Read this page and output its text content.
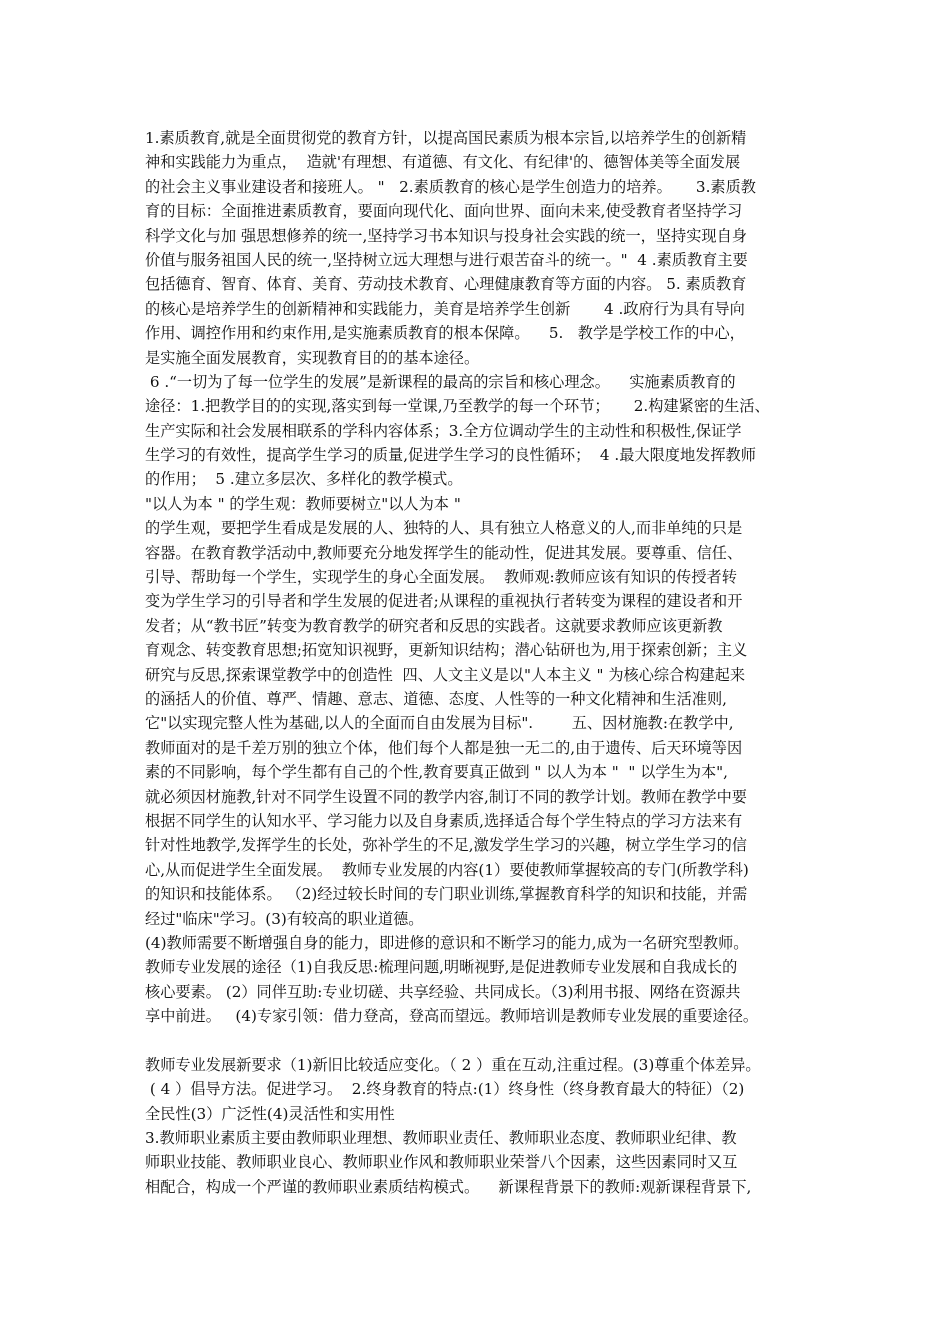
1.素质教育,就是全面贯彻党的教育方针，以提高国民素质为根本宗旨,以培养学生的创新精
神和实践能力为重点，  造就'有理想、有道德、有文化、有纪律'的、德智体美等全面发展
的社会主义事业建设者和接班人。 "   2.素质教育的核心是学生创造力的培养。     3.素质教
育的目标：全面推进素质教育，要面向现代化、面向世界、面向未来,使受教育者坚持学习
科学文化与加 强思想修养的统一,坚持学习书本知识与投身社会实践的统一，坚持实现自身
价值与服务祖国人民的统一,坚持树立远大理想与进行艰苦奋斗的统一。"  4 .素质教育主要
包括德育、智育、体育、美育、劳动技术教育、心理健康教育等方面的内容。 5. 素质教育
的核心是培养学生的创新精神和实践能力，美育是培养学生创新       4 .政府行为具有导向
作用、调控作用和约束作用,是实施素质教育的根本保障。    5.   教学是学校工作的中心，
是实施全面发展教育，实现教育目的的基本途径。
6 .“一切为了每一位学生的发展”是新课程的最高的宗旨和核心理念。    实施素质教育的
途径：1.把教学目的的实现,落实到每一堂课,乃至教学的每一个环节；     2.构建紧密的生活、
生产实际和社会发展相联系的学科内容体系；3.全方位调动学生的主动性和积极性,保证学
生学习的有效性，提高学生学习的质量,促进学生学习的良性循环；  4 .最大限度地发挥教师
的作用；  5 .建立多层次、多样化的教学模式。
"以人为本 " 的学生观：教师要树立"以人为本 "
的学生观，要把学生看成是发展的人、独特的人、具有独立人格意义的人,而非单纯的只是
容器。在教育教学活动中,教师要充分地发挥学生的能动性，促进其发展。要尊重、信任、
引导、帮助每一个学生，实现学生的身心全面发展。  教师观:教师应该有知识的传授者转
变为学生学习的引导者和学生发展的促进者;从课程的重视执行者转变为课程的建设者和开
发者；从“教书匠”转变为教育教学的研究者和反思的实践者。这就要求教师应该更新教
育观念、转变教育思想;拓宽知识视野，更新知识结构；潜心钻研也为,用于探索创新；主义
研究与反思,探索课堂教学中的创造性  四、人文主义是以"人本主义 " 为核心综合构建起来
的涵括人的价值、尊严、情趣、意志、道德、态度、人性等的一种文化精神和生活准则,
它"以实现完整人性为基础,以人的全面而自由发展为目标".        五、因材施教:在教学中,
教师面对的是千差万别的独立个体，他们每个人都是独一无二的,由于遗传、后天环境等因
素的不同影响，每个学生都有自己的个性,教育要真正做到 " 以人为本 "  " 以学生为本",
就必须因材施教,针对不同学生设置不同的教学内容,制订不同的教学计划。教师在教学中要
根据不同学生的认知水平、学习能力以及自身素质,选择适合每个学生特点的学习方法来有
针对性地教学,发挥学生的长处，弥补学生的不足,激发学生学习的兴趣，树立学生学习的信
心,从而促进学生全面发展。  教师专业发展的内容(1）要使教师掌握较高的专门(所教学科)
的知识和技能体系。 （2)经过较长时间的专门职业训练,掌握教育科学的知识和技能，并需
经过"临床"学习。(3)有较高的职业道德。
(4)教师需要不断增强自身的能力，即进修的意识和不断学习的能力,成为一名研究型教师。
教师专业发展的途径（1)自我反思:梳理问题,明晰视野,是促进教师专业发展和自我成长的
核心要素。 (2）同伴互助:专业切磋、共享经验、共同成长。（3)利用书报、网络在资源共
享中前进。   (4)专家引领：借力登高，登高而望远。教师培训是教师专业发展的重要途径。
教师专业发展新要求（1)新旧比较适应变化。（ 2 ）重在互动,注重过程。(3)尊重个体差异。
( 4 ）倡导方法。促进学习。  2.终身教育的特点:(1）终身性（终身教育最大的特征）（2)
全民性(3）广泛性(4)灵活性和实用性
3.教师职业素质主要由教师职业理想、教师职业责任、教师职业态度、教师职业纪律、教
师职业技能、教师职业良心、教师职业作风和教师职业荣誉八个因素，这些因素同时又互
相配合，构成一个严谨的教师职业素质结构模式。    新课程背景下的教师:观新课程背景下,
